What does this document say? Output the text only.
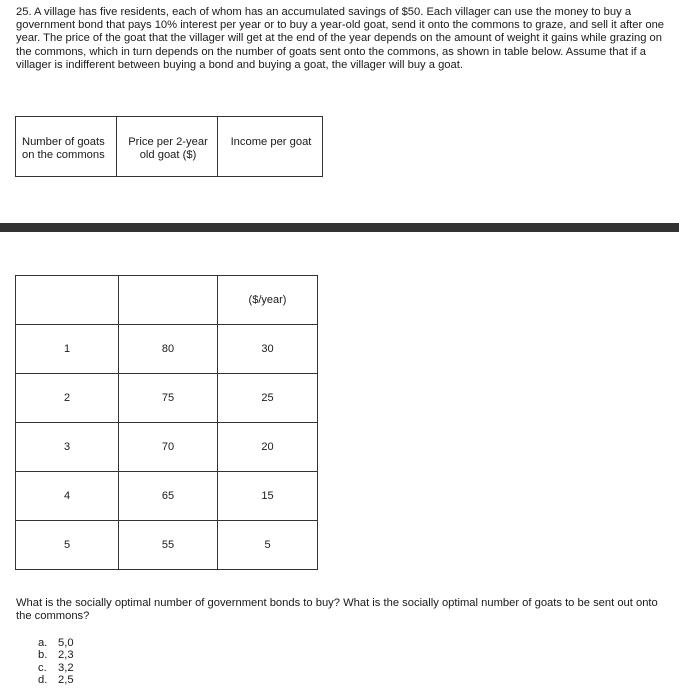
25. A village has five residents, each of whom has an accumulated savings of $50. Each villager can use the money to buy a government bond that pays 10% interest per year or to buy a year-old goat, send it onto the commons to graze, and sell it after one year. The price of the goat that the villager will get at the end of the year depends on the amount of weight it gains while grazing on the commons, which in turn depends on the number of goats sent onto the commons, as shown in table below. Assume that if a villager is indifferent between buying a bond and buying a goat, the villager will buy a goat.
Number of goats on the commons	Price per 2-year old goat ($)	Income per goat
		($/year)
1	80	30
2	75	25
3	70	20
4	65	15
5	55	5
What is the socially optimal number of government bonds to buy? What is the socially optimal number of goats to be sent out onto the commons?
a. 5,0
b. 2,3
c. 3,2
d. 2,5
